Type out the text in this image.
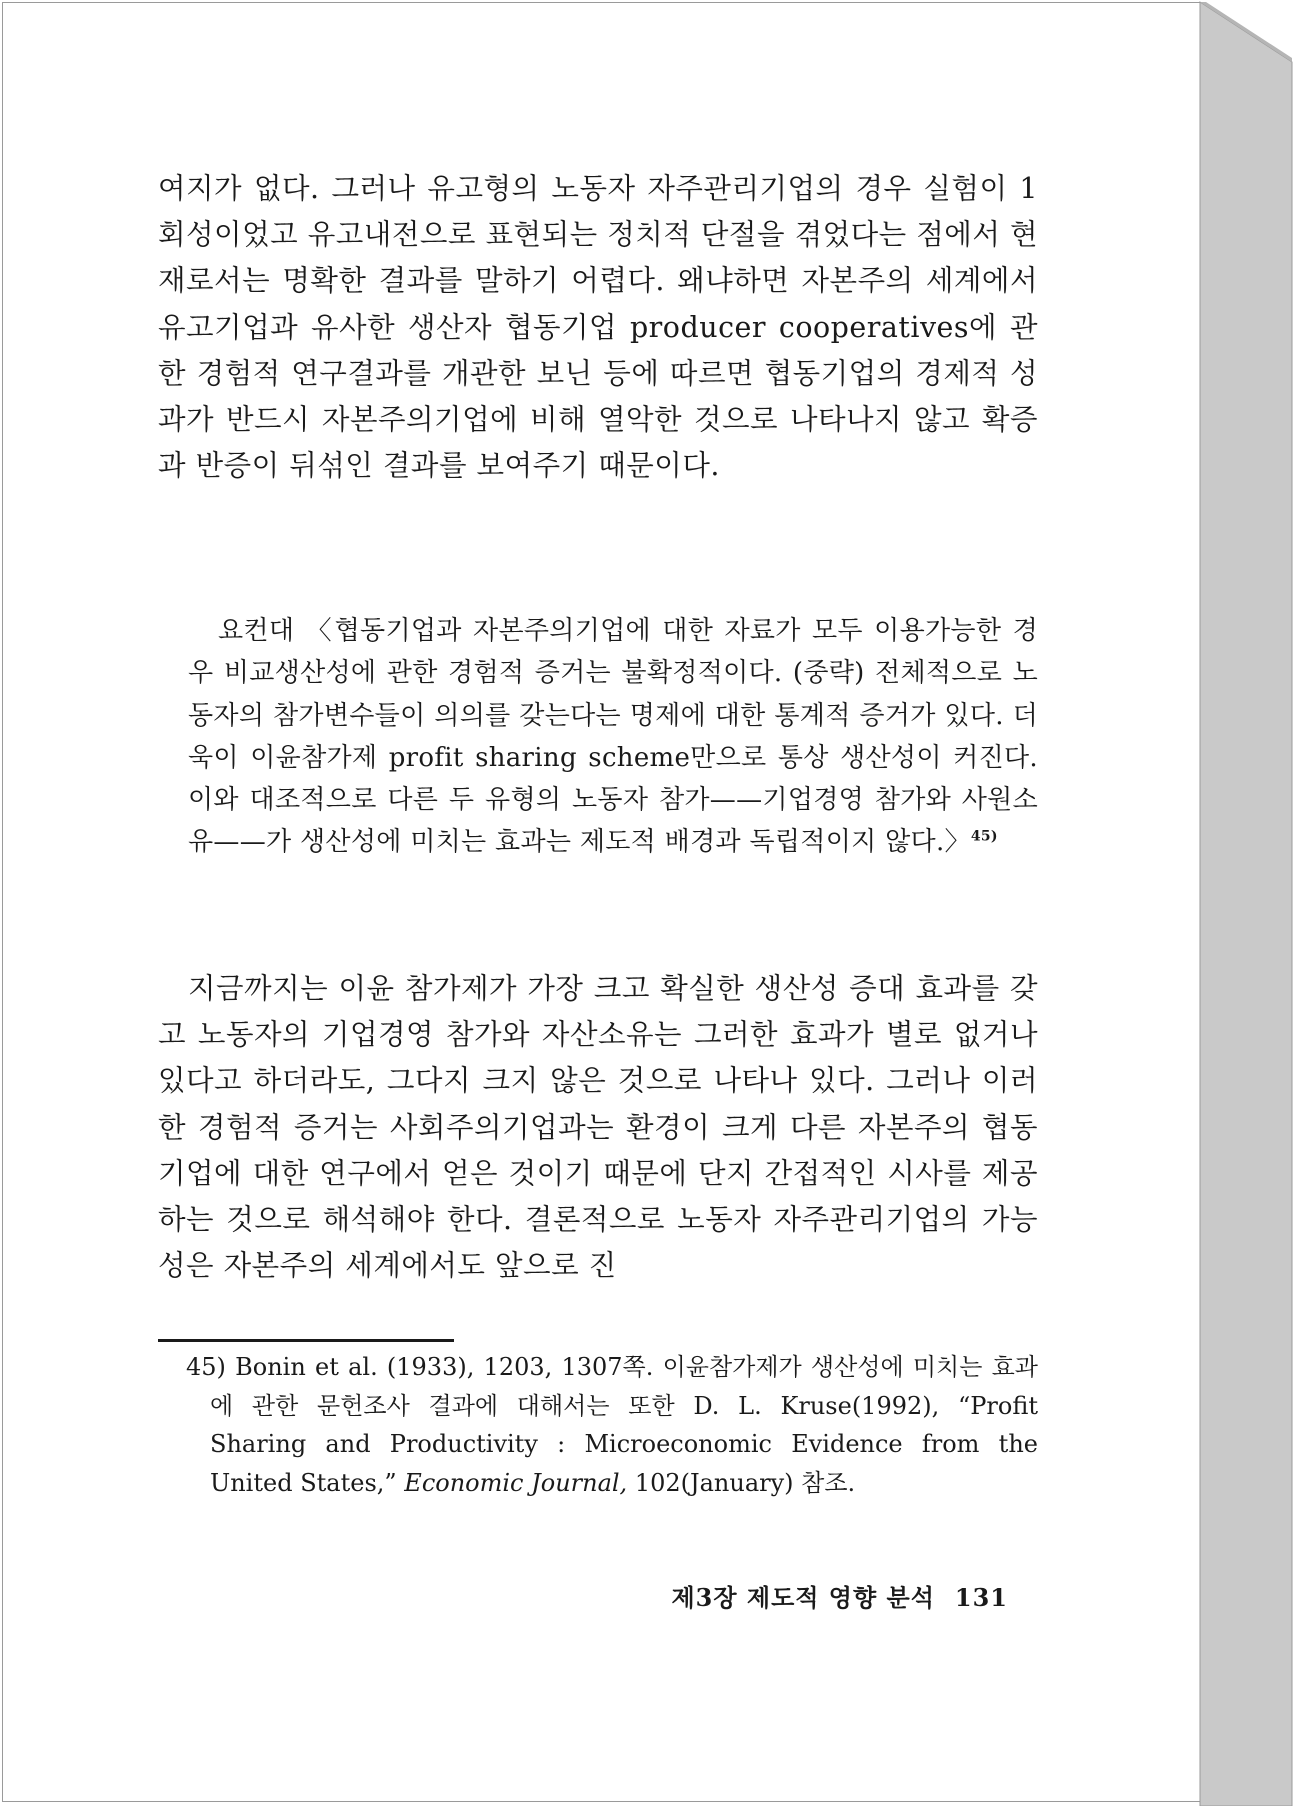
여지가 없다. 그러나 유고형의 노동자 자주관리기업의 경우 실험이 1회성이었고 유고내전으로 표현되는 정치적 단절을 겪었다는 점에서 현재로서는 명확한 결과를 말하기 어렵다. 왜냐하면 자본주의 세계에서 유고기업과 유사한 생산자 협동기업 producer cooperatives에 관한 경험적 연구결과를 개관한 보닌 등에 따르면 협동기업의 경제적 성과가 반드시 자본주의기업에 비해 열악한 것으로 나타나지 않고 확증과 반증이 뒤섞인 결과를 보여주기 때문이다.

요컨대 〈협동기업과 자본주의기업에 대한 자료가 모두 이용가능한 경우 비교생산성에 관한 경험적 증거는 불확정적이다. (중략) 전체적으로 노동자의 참가변수들이 의의를 갖는다는 명제에 대한 통계적 증거가 있다. 더욱이 이윤참가제 profit sharing scheme만으로 통상 생산성이 커진다. 이와 대조적으로 다른 두 유형의 노동자 참가——기업경영 참가와 사원소유——가 생산성에 미치는 효과는 제도적 배경과 독립적이지 않다.〉$^{45)}$

지금까지는 이윤 참가제가 가장 크고 확실한 생산성 증대 효과를 갖고 노동자의 기업경영 참가와 자산소유는 그러한 효과가 별로 없거나 있다고 하더라도, 그다지 크지 않은 것으로 나타나 있다. 그러나 이러한 경험적 증거는 사회주의기업과는 환경이 크게 다른 자본주의 협동기업에 대한 연구에서 얻은 것이기 때문에 단지 간접적인 시사를 제공하는 것으로 해석해야 한다. 결론적으로 노동자 자주관리기업의 가능성은 자본주의 세계에서도 앞으로 진

45) Bonin et al. (1933), 1203, 1307쪽. 이윤참가제가 생산성에 미치는 효과에 관한 문헌조사 결과에 대해서는 또한 D. L. Kruse(1992), “Profit Sharing and Productivity : Microeconomic Evidence from the United States,” Economic Journal, 102(January) 참조.

제3장 제도적 영향 분석 131
